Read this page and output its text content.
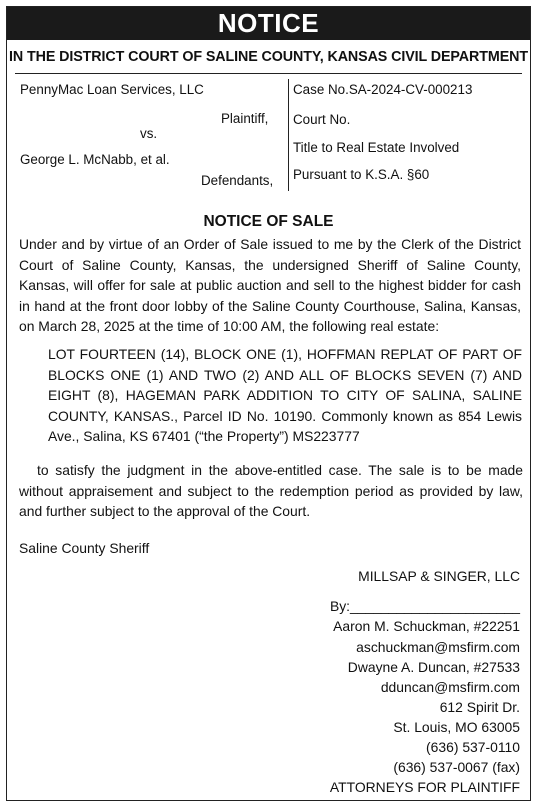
NOTICE
IN THE DISTRICT COURT OF SALINE COUNTY, KANSAS CIVIL DEPARTMENT
PennyMac Loan Services, LLC
Plaintiff,
vs.
George L. McNabb, et al.
Defendants,
Case No.SA-2024-CV-000213
Court No.
Title to Real Estate Involved
Pursuant to K.S.A. §60
NOTICE OF SALE
Under and by virtue of an Order of Sale issued to me by the Clerk of the District Court of Saline County, Kansas, the undersigned Sheriff of Saline County, Kansas, will offer for sale at public auction and sell to the highest bidder for cash in hand at the front door lobby of the Saline County Courthouse, Salina, Kansas, on March 28, 2025 at the time of 10:00 AM, the following real estate:
LOT FOURTEEN (14), BLOCK ONE (1), HOFFMAN REPLAT OF PART OF BLOCKS ONE (1) AND TWO (2) AND ALL OF BLOCKS SEVEN (7) AND EIGHT (8), HAGEMAN PARK ADDITION TO CITY OF SALINA, SALINE COUNTY, KANSAS., Parcel ID No. 10190. Commonly known as 854 Lewis Ave., Salina, KS 67401 (“the Property”) MS223777
to satisfy the judgment in the above-entitled case. The sale is to be made without appraisement and subject to the redemption period as provided by law, and further subject to the approval of the Court.
Saline County Sheriff
MILLSAP & SINGER, LLC
By:______________________
Aaron M. Schuckman, #22251
aschuckman@msfirm.com
Dwayne A. Duncan, #27533
dduncan@msfirm.com
612 Spirit Dr.
St. Louis, MO 63005
(636) 537-0110
(636) 537-0067 (fax)
ATTORNEYS FOR PLAINTIFF
